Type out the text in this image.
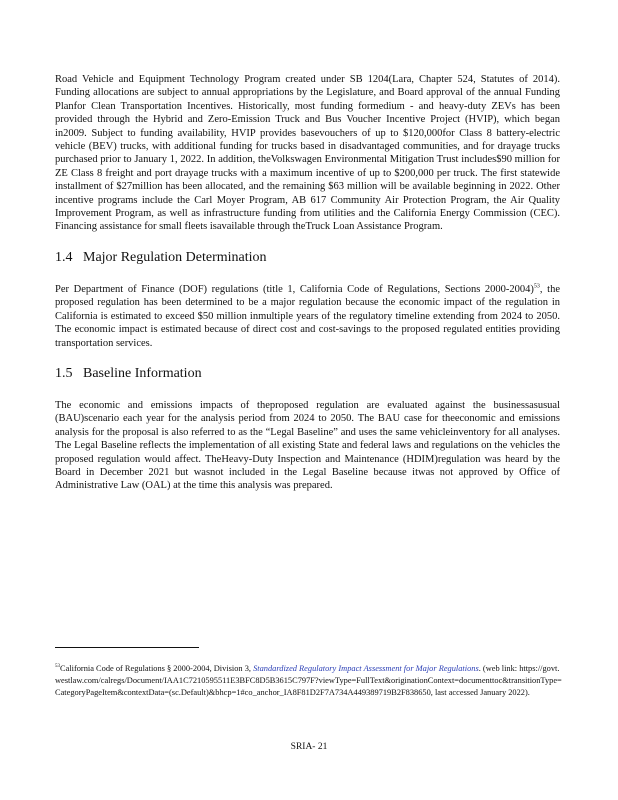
Road Vehicle and Equipment Technology Program created under SB 1204(Lara, Chapter 524, Statutes of 2014). Funding allocations are subject to annual appropriations by the Legislature, and Board approval of the annual Funding Planfor Clean Transportation Incentives. Historically, most funding formedium - and heavy-duty ZEVs has been provided through the Hybrid and Zero-Emission Truck and Bus Voucher Incentive Project (HVIP), which began in2009. Subject to funding availability, HVIP provides basevouchers of up to $120,000for Class 8 battery-electric vehicle (BEV) trucks, with additional funding for trucks based in disadvantaged communities, and for drayage trucks purchased prior to January 1, 2022. In addition, theVolkswagen Environmental Mitigation Trust includes$90 million for ZE Class 8 freight and port drayage trucks with a maximum incentive of up to $200,000 per truck. The first statewide installment of $27million has been allocated, and the remaining $63 million will be available beginning in 2022. Other incentive programs include the Carl Moyer Program, AB 617 Community Air Protection Program, the Air Quality Improvement Program, as well as infrastructure funding from utilities and the California Energy Commission (CEC). Financing assistance for small fleets isavailable through theTruck Loan Assistance Program.

1.4 Major Regulation Determination

Per Department of Finance (DOF) regulations (title 1, California Code of Regulations, Sections 2000-2004)$^{53}$, the proposed regulation has been determined to be a major regulation because the economic impact of the regulation in California is estimated to exceed $50 million inmultiple years of the regulatory timeline extending from 2024 to 2050. The economic impact is estimated because of direct cost and cost-savings to the proposed regulated entities providing transportation services.

1.5 Baseline Information

The economic and emissions impacts of theproposed regulation are evaluated against the businessasusual (BAU)scenario each year for the analysis period from 2024 to 2050. The BAU case for theeconomic and emissions analysis for the proposal is also referred to as the “Legal Baseline” and uses the same vehicleinventory for all analyses. The Legal Baseline reflects the implementation of all existing State and federal laws and regulations on the vehicles the proposed regulation would affect. TheHeavy-Duty Inspection and Maintenance (HDIM)regulation was heard by the Board in December 2021 but wasnot included in the Legal Baseline because itwas not approved by Office of Administrative Law (OAL) at the time this analysis was prepared.

$^{53}$California Code of Regulations § 2000-2004, Division 3, Standardized Regulatory Impact Assessment for Major Regulations. (web link: https://govt.westlaw.com/calregs/Document/IAA1C7210595511E3BFC8D5B3615C797F?viewType=FullText&originationContext=documenttoc&transitionType=CategoryPageItem&contextData=(sc.Default)&bhcp=1#co_anchor_IA8F81D2F7A734A449389719B2F838650, last accessed January 2022).
SRIA- 21
